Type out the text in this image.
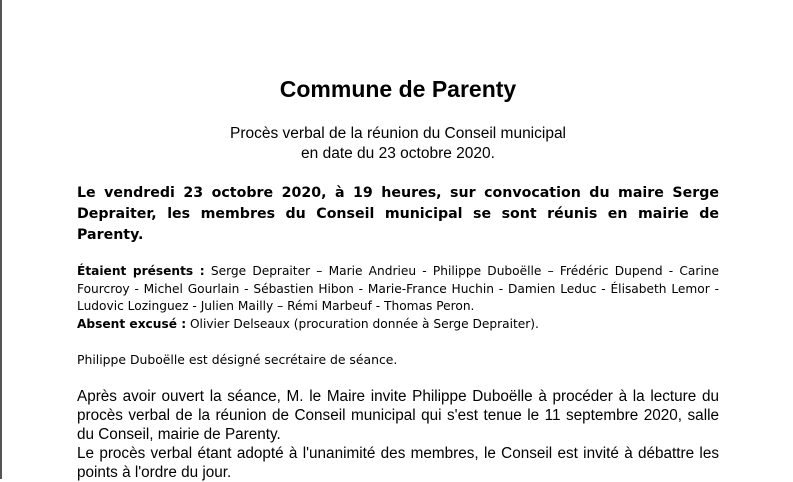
Commune de Parenty
Procès verbal de la réunion du Conseil municipal
en date du 23 octobre 2020.
Le vendredi 23 octobre 2020, à 19 heures, sur convocation du maire Serge Depraiter, les membres du Conseil municipal se sont réunis en mairie de Parenty.
Étaient présents : Serge Depraiter – Marie Andrieu - Philippe Duboëlle – Frédéric Dupend - Carine Fourcroy - Michel Gourlain - Sébastien Hibon - Marie-France Huchin - Damien Leduc - Élisabeth Lemor - Ludovic Lozinguez - Julien Mailly – Rémi Marbeuf - Thomas Peron.
Absent excusé : Olivier Delseaux (procuration donnée à Serge Depraiter).
Philippe Duboëlle est désigné secrétaire de séance.

Après avoir ouvert la séance, M. le Maire invite Philippe Duboëlle à procéder à la lecture du procès verbal de la réunion de Conseil municipal qui s'est tenue le 11 septembre 2020, salle du Conseil, mairie de Parenty.

Le procès verbal étant adopté à l'unanimité des membres, le Conseil est invité à débattre les points à l'ordre du jour.
